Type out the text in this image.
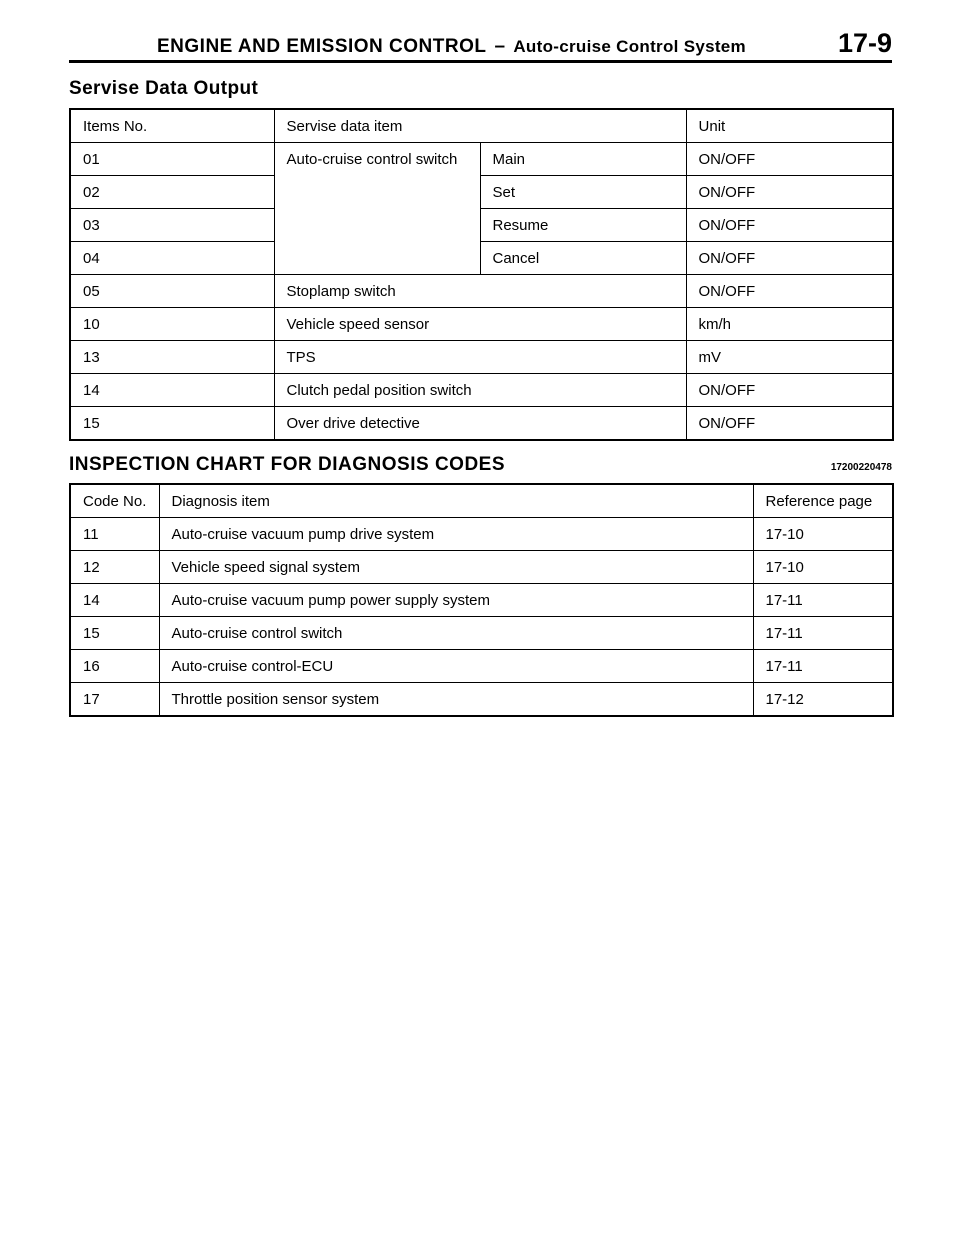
ENGINE AND EMISSION CONTROL – Auto-cruise Control System	17-9
Servise Data Output
Items No.	Servise data item		Unit
01	Auto-cruise control switch	Main	ON/OFF
02		Set	ON/OFF
03		Resume	ON/OFF
04		Cancel	ON/OFF
05	Stoplamp switch		ON/OFF
10	Vehicle speed sensor		km/h
13	TPS		mV
14	Clutch pedal position switch		ON/OFF
15	Over drive detective		ON/OFF
INSPECTION CHART FOR DIAGNOSIS CODES	17200220478
Code No.	Diagnosis item	Reference page
11	Auto-cruise vacuum pump drive system	17-10
12	Vehicle speed signal system	17-10
14	Auto-cruise vacuum pump power supply system	17-11
15	Auto-cruise control switch	17-11
16	Auto-cruise control-ECU	17-11
17	Throttle position sensor system	17-12
